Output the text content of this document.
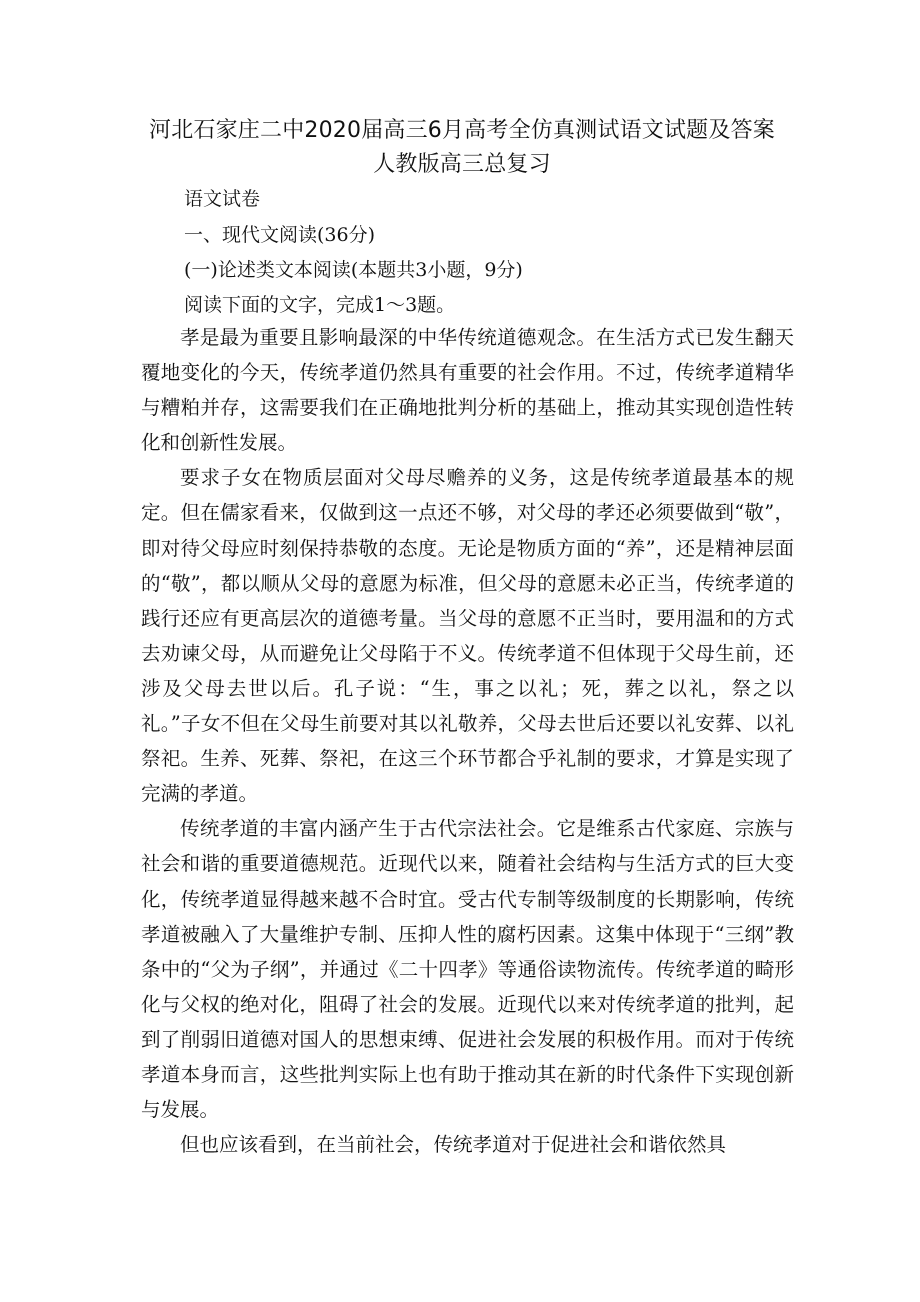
河北石家庄二中2020届高三6月高考全仿真测试语文试题及答案　人教版高三总复习
语文试卷
一、现代文阅读(36分)
(一)论述类文本阅读(本题共3小题，9分)
阅读下面的文字，完成1～3题。

孝是最为重要且影响最深的中华传统道德观念。在生活方式已发生翻天覆地变化的今天，传统孝道仍然具有重要的社会作用。不过，传统孝道精华与糟粕并存，这需要我们在正确地批判分析的基础上，推动其实现创造性转化和创新性发展。

要求子女在物质层面对父母尽赡养的义务，这是传统孝道最基本的规定。但在儒家看来，仅做到这一点还不够，对父母的孝还必须要做到“敬”，即对待父母应时刻保持恭敬的态度。无论是物质方面的“养”，还是精神层面的“敬”，都以顺从父母的意愿为标准，但父母的意愿未必正当，传统孝道的践行还应有更高层次的道德考量。当父母的意愿不正当时，要用温和的方式去劝谏父母，从而避免让父母陷于不义。传统孝道不但体现于父母生前，还涉及父母去世以后。孔子说：“生，事之以礼；死，葬之以礼，祭之以礼。”子女不但在父母生前要对其以礼敬养，父母去世后还要以礼安葬、以礼祭祀。生养、死葬、祭祀，在这三个环节都合乎礼制的要求，才算是实现了完满的孝道。

传统孝道的丰富内涵产生于古代宗法社会。它是维系古代家庭、宗族与社会和谐的重要道德规范。近现代以来，随着社会结构与生活方式的巨大变化，传统孝道显得越来越不合时宜。受古代专制等级制度的长期影响，传统孝道被融入了大量维护专制、压抑人性的腐朽因素。这集中体现于“三纲”教条中的“父为子纲”，并通过《二十四孝》等通俗读物流传。传统孝道的畸形化与父权的绝对化，阻碍了社会的发展。近现代以来对传统孝道的批判，起到了削弱旧道德对国人的思想束缚、促进社会发展的积极作用。而对于传统孝道本身而言，这些批判实际上也有助于推动其在新的时代条件下实现创新与发展。

但也应该看到，在当前社会，传统孝道对于促进社会和谐依然具
